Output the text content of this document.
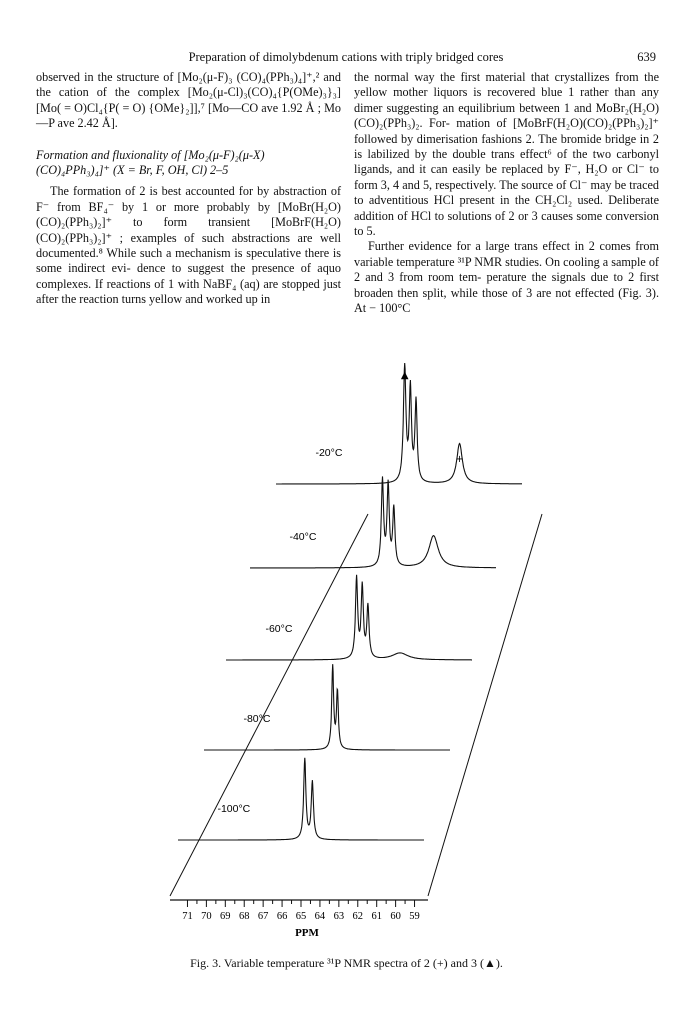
Preparation of dimolybdenum cations with triply bridged cores	639

observed in the structure of [Mo₂(μ-F)₃ (CO)₄(PPh₃)₄]⁺,² and the cation of the complex [Mo₂(μ-Cl)₃(CO)₄{P(OMe)₃}₃][Mo( = O)Cl₄{P( = O) {OMe}₂]],⁷ [Mo—CO ave 1.92 Å ; Mo—P ave 2.42 Å].

Formation and fluxionality of [Mo₂(μ-F)₂(μ-X) (CO)₄PPh₃)₄]⁺ (X = Br, F, OH, Cl) 2–5

The formation of 2 is best accounted for by abstraction of F⁻ from BF₄⁻ by 1 or more probably by [MoBr(H₂O)(CO)₂(PPh₃)₂]⁺ to form transient [MoBrF(H₂O)(CO)₂(PPh₃)₂]⁺ ; examples of such abstractions are well documented.⁸ While such a mechanism is speculative there is some indirect evi- dence to suggest the presence of aquo complexes. If reactions of 1 with NaBF₄ (aq) are stopped just after the reaction turns yellow and worked up in

the normal way the first material that crystallizes from the yellow mother liquors is recovered blue 1 rather than any dimer suggesting an equilibrium between 1 and MoBr₂(H₂O)(CO)₂(PPh₃)₂. For- mation of [MoBrF(H₂O)(CO)₂(PPh₃)₂]⁺ followed by dimerisation fashions 2. The bromide bridge in 2 is labilized by the double trans effect⁶ of the two carbonyl ligands, and it can easily be replaced by F⁻, H₂O or Cl⁻ to form 3, 4 and 5, respectively. The source of Cl⁻ may be traced to adventitious HCl present in the CH₂Cl₂ used. Deliberate addition of HCl to solutions of 2 or 3 causes some conversion to 5.

Further evidence for a large trans effect in 2 comes from variable temperature ³¹P NMR studies. On cooling a sample of 2 and 3 from room tem- perature the signals due to 2 first broaden then split, while those of 3 are not effected (Fig. 3). At − 100°C

71 70 69 68 67 66 65 64 63 62 61 60 59
PPM
-20°C
-40°C
-60°C
-80°C
-100°C
▲
+
Fig. 3. Variable temperature ³¹P NMR spectra of 2 (+) and 3 (▲).
